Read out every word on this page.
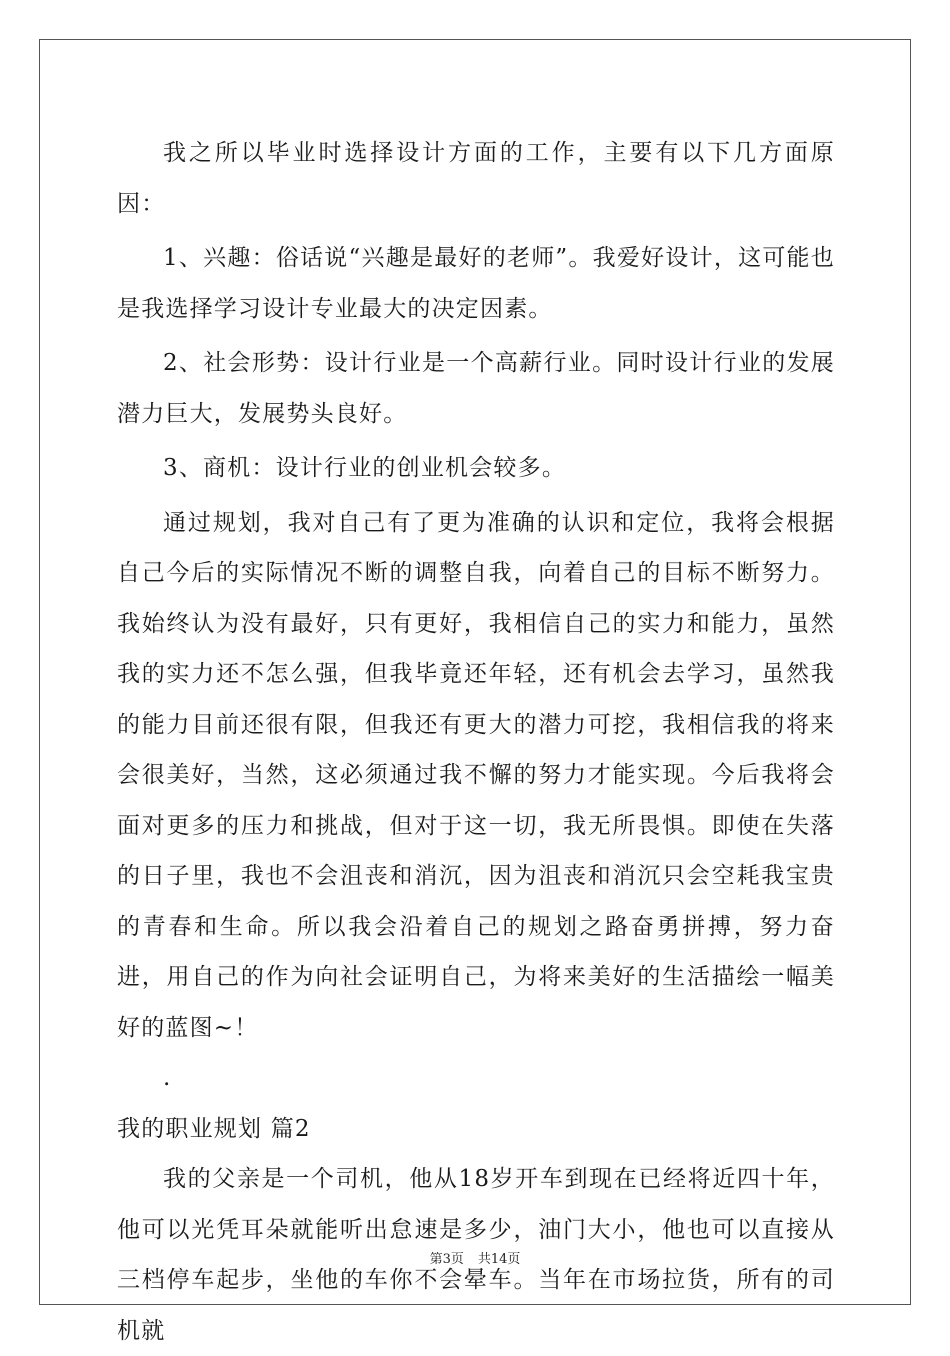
我之所以毕业时选择设计方面的工作，主要有以下几方面原因：

1、兴趣：俗话说“兴趣是最好的老师”。我爱好设计，这可能也是我选择学习设计专业最大的决定因素。

2、社会形势：设计行业是一个高薪行业。同时设计行业的发展潜力巨大，发展势头良好。

3、商机：设计行业的创业机会较多。

通过规划，我对自己有了更为准确的认识和定位，我将会根据自己今后的实际情况不断的调整自我，向着自己的目标不断努力。我始终认为没有最好，只有更好，我相信自己的实力和能力，虽然我的实力还不怎么强，但我毕竟还年轻，还有机会去学习，虽然我的能力目前还很有限，但我还有更大的潜力可挖，我相信我的将来会很美好，当然，这必须通过我不懈的努力才能实现。今后我将会面对更多的压力和挑战，但对于这一切，我无所畏惧。即使在失落的日子里，我也不会沮丧和消沉，因为沮丧和消沉只会空耗我宝贵的青春和生命。所以我会沿着自己的规划之路奋勇拼搏，努力奋进，用自己的作为向社会证明自己，为将来美好的生活描绘一幅美好的蓝图~！

.

我的职业规划 篇2

我的父亲是一个司机，他从18岁开车到现在已经将近四十年，他可以光凭耳朵就能听出怠速是多少，油门大小，他也可以直接从三档停车起步，坐他的车你不会晕车。当年在市场拉货，所有的司机就

第3页 共14页
